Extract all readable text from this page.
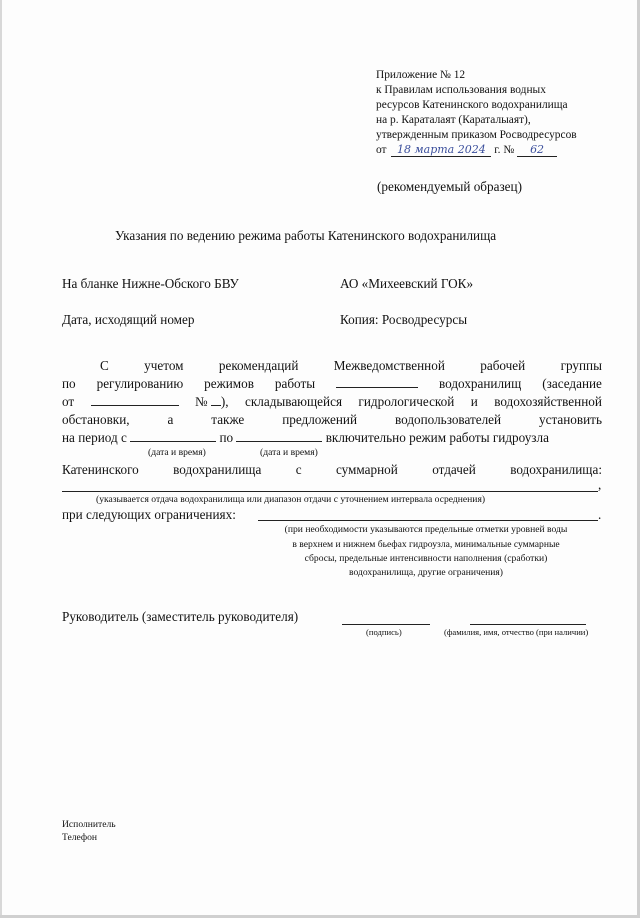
Приложение № 12
к Правилам использования водных
ресурсов Катенинского водохранилища
на р. Караталаят (Караталыаят),
утвержденным приказом Росводресурсов
от 18 марта 2024 г. № 62
(рекомендуемый образец)
Указания по ведению режима работы Катенинского водохранилища
На бланке Нижне-Обского БВУ	АО «Михеевский ГОК»
Дата, исходящий номер	Копия: Росводресурсы
С	учетом	рекомендаций	Межведомственной	рабочей	группы
по регулированию режимов работы	водохранилищ (заседание
от	№ ), складывающейся гидрологической и водохозяйственной
обстановки,	а	также	предложений	водопользователей	установить
на период с	по	включительно режим работы гидроузла
(дата и время)	(дата и время)
Катенинского	водохранилища	с	суммарной	отдачей	водохранилища:
,
(указывается отдача водохранилища или диапазон отдачи с уточнением интервала осреднения)
при следующих ограничениях:	.
(при необходимости указываются предельные отметки уровней воды
в верхнем и нижнем бьефах гидроузла, минимальные суммарные
сбросы, предельные интенсивности наполнения (сработки)
водохранилища, другие ограничения)
Руководитель (заместитель руководителя)
(подпись)	(фамилия, имя, отчество (при наличии)
Исполнитель
Телефон
